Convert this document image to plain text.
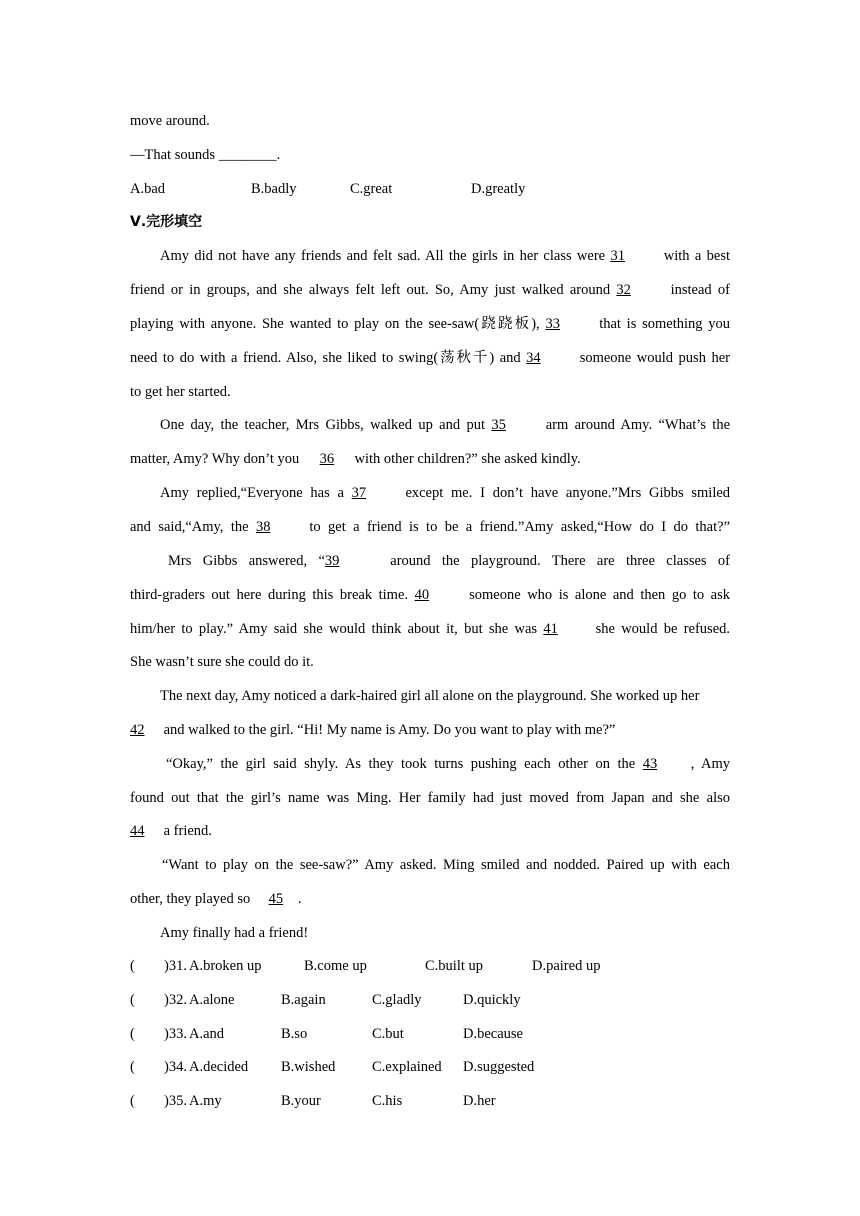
move around.
—That sounds ________.
A.bad	B.badly	C.great	D.greatly
Ⅴ.完形填空
Amy did not have any friends and felt sad. All the girls in her class were 31	with a best
friend or in groups, and she always felt left out. So, Amy just walked around 32	instead of
playing with anyone. She wanted to play on the see-saw(跷跷板), 33	that is something you
need to do with a friend. Also, she liked to swing(荡秋千) and 34	someone would push her
to get her started.
One day, the teacher, Mrs Gibbs, walked up and put 35	arm around Amy. “What’s the
matter, Amy? Why don’t you 36 with other children?” she asked kindly.
Amy replied,“Everyone has a 37	except me. I don’t have anyone.”Mrs Gibbs smiled
and said,“Amy, the 38	to get a friend is to be a friend.”Amy asked,“How do I do that?”
Mrs Gibbs answered, “39	around the playground. There are three classes of
third-graders out here during this break time. 40	someone who is alone and then go to ask
him/her to play.” Amy said she would think about it, but she was 41	she would be refused.
She wasn’t sure she could do it.
The next day, Amy noticed a dark-haired girl all alone on the playground. She worked up her
42 and walked to the girl. “Hi! My name is Amy. Do you want to play with me?”
“Okay,” the girl said shyly. As they took turns pushing each other on the 43 , Amy
found out that the girl’s name was Ming. Her family had just moved from Japan and she also
44 a friend.
“Want to play on the see-saw?” Amy asked. Ming smiled and nodded. Paired up with each
other, they played so 45 .
Amy finally had a friend!
( )31. A.broken up	B.come up	C.built up	D.paired up
( )32. A.alone	B.again	C.gladly	D.quickly
( )33. A.and	B.so	C.but	D.because
( )34. A.decided B.wished	C.explained D.suggested
( )35. A.my	B.your	C.his	D.her
